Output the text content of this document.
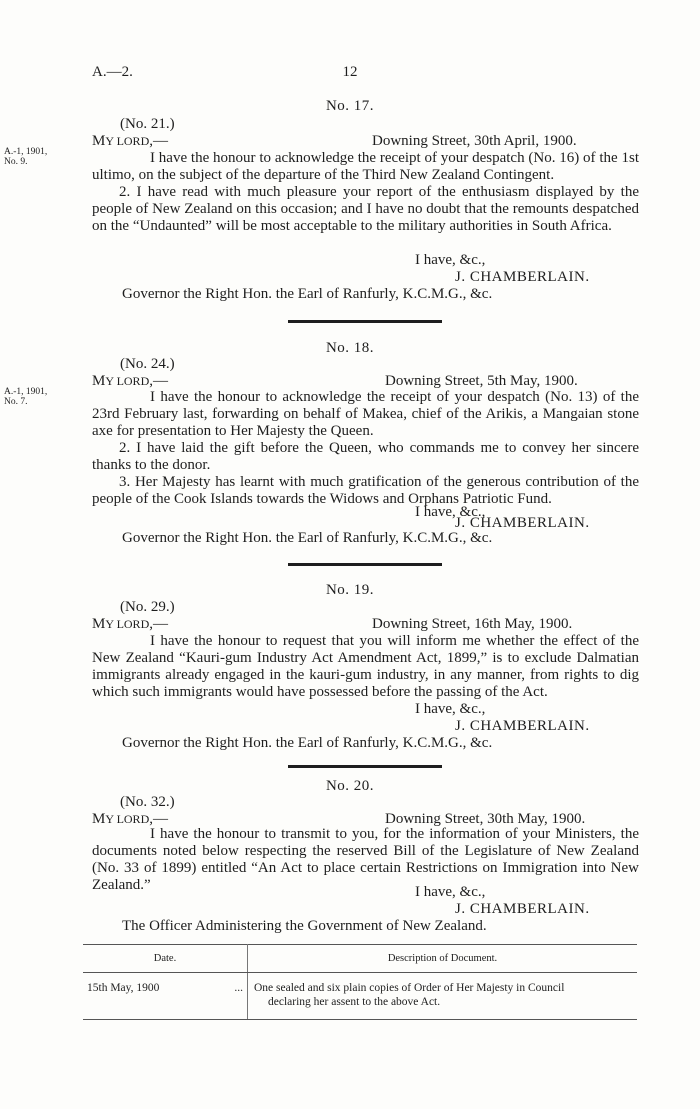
A.—2.	12
No. 17.
(No. 21.)
MY LORD,—	Downing Street, 30th April, 1900.
A.-1, 1901,
No. 9.	I have the honour to acknowledge the receipt of your despatch (No. 16) of the 1st ultimo, on the subject of the departure of the Third New Zealand Contingent.

2. I have read with much pleasure your report of the enthusiasm displayed by the people of New Zealand on this occasion; and I have no doubt that the remounts despatched on the “Undaunted” will be most acceptable to the military authorities in South Africa.

I have, &c.,
J. CHAMBERLAIN.
Governor the Right Hon. the Earl of Ranfurly, K.C.M.G., &c.
No. 18.
(No. 24.)
MY LORD,—	Downing Street, 5th May, 1900.
A.-1, 1901,
No. 7.	I have the honour to acknowledge the receipt of your despatch (No. 13) of the 23rd February last, forwarding on behalf of Makea, chief of the Arikis, a Mangaian stone axe for presentation to Her Majesty the Queen.

2. I have laid the gift before the Queen, who commands me to convey her sincere thanks to the donor.

3. Her Majesty has learnt with much gratification of the generous contribution of the people of the Cook Islands towards the Widows and Orphans Patriotic Fund.

I have, &c.,
J. CHAMBERLAIN.
Governor the Right Hon. the Earl of Ranfurly, K.C.M.G., &c.
No. 19.
(No. 29.)
MY LORD,—	Downing Street, 16th May, 1900.

I have the honour to request that you will inform me whether the effect of the New Zealand “Kauri-gum Industry Act Amendment Act, 1899,” is to exclude Dalmatian immigrants already engaged in the kauri-gum industry, in any manner, from rights to dig which such immigrants would have possessed before the passing of the Act.

I have, &c.,
J. CHAMBERLAIN.
Governor the Right Hon. the Earl of Ranfurly, K.C.M.G., &c.
No. 20.
(No. 32.)
MY LORD,—	Downing Street, 30th May, 1900.

I have the honour to transmit to you, for the information of your Ministers, the documents noted below respecting the reserved Bill of the Legislature of New Zealand (No. 33 of 1899) entitled “An Act to place certain Restrictions on Immigration into New Zealand.”	I have, &c.,
J. CHAMBERLAIN.
The Officer Administering the Government of New Zealand.
Date.	Description of Document.
15th May, 1900 ...	One sealed and six plain copies of Order of Her Majesty in Council
declaring her assent to the above Act.
